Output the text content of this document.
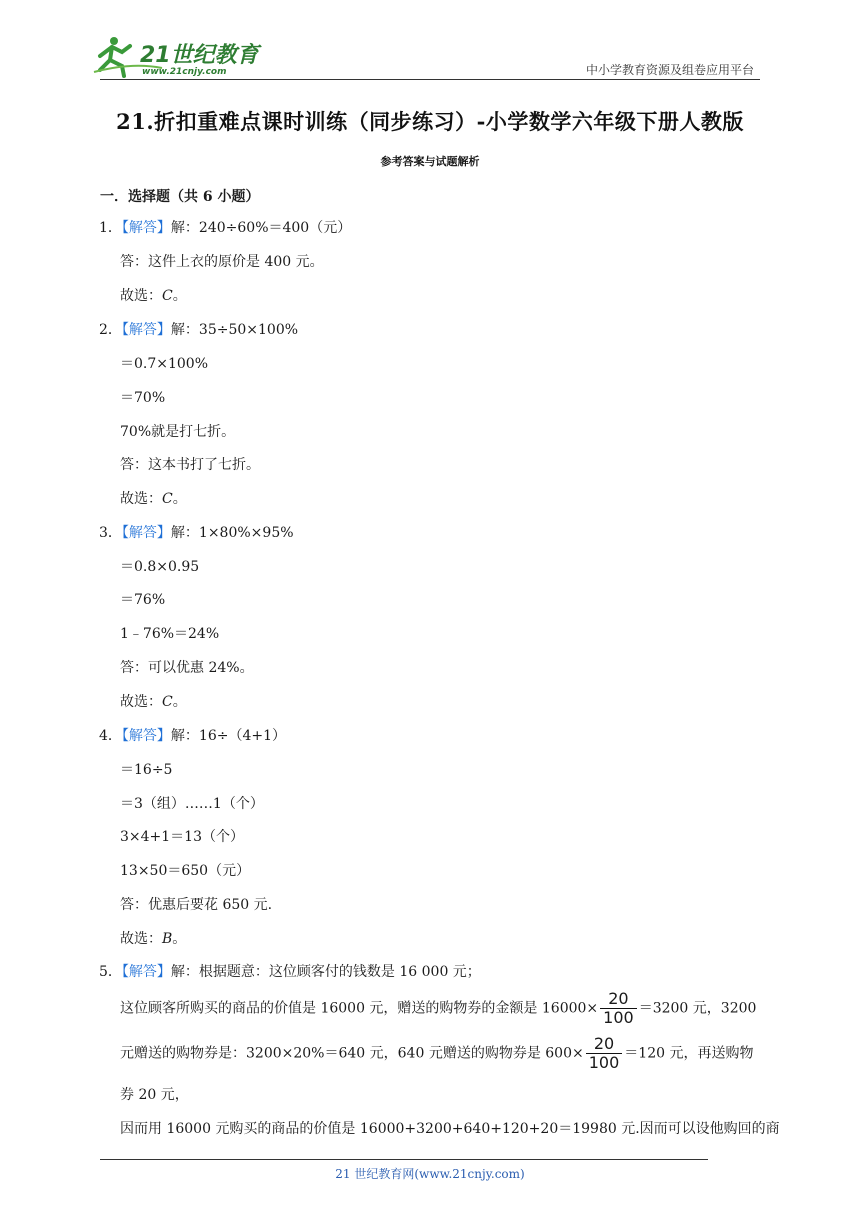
21世纪教育
www.21cnjy.com	中小学教育资源及组卷应用平台
21.折扣重难点课时训练（同步练习）-小学数学六年级下册人教版
参考答案与试题解析
一．选择题（共 6 小题）
1．【解答】解：240÷60%＝400（元）
答：这件上衣的原价是 400 元。
故选：C。
2．【解答】解：35÷50×100%
＝0.7×100%
＝70%
70%就是打七折。
答：这本书打了七折。
故选：C。
3．【解答】解：1×80%×95%
＝0.8×0.95
＝76%
1﹣76%＝24%
答：可以优惠 24%。
故选：C。
4．【解答】解：16÷（4+1）
＝16÷5
＝3（组）……1（个）
3×4+1＝13（个）
13×50＝650（元）
答：优惠后要花 650 元.
故选：B。
5．【解答】解：根据题意：这位顾客付的钱数是 16 000 元；
这位顾客所购买的商品的价值是 16000 元，赠送的购物券的金额是 $16000\times \frac{20}{100} =3200$ 元，3200
元赠送的购物券是：3200×20%＝640 元，640 元赠送的购物券是 $600\times \frac{20}{100} =120$ 元，再送购物
券 20 元，
因而用 16000 元购买的商品的价值是 16000+3200+640+120+20＝19980 元.因而可以设他购回的商
21 世纪教育网(www.21cnjy.com)
